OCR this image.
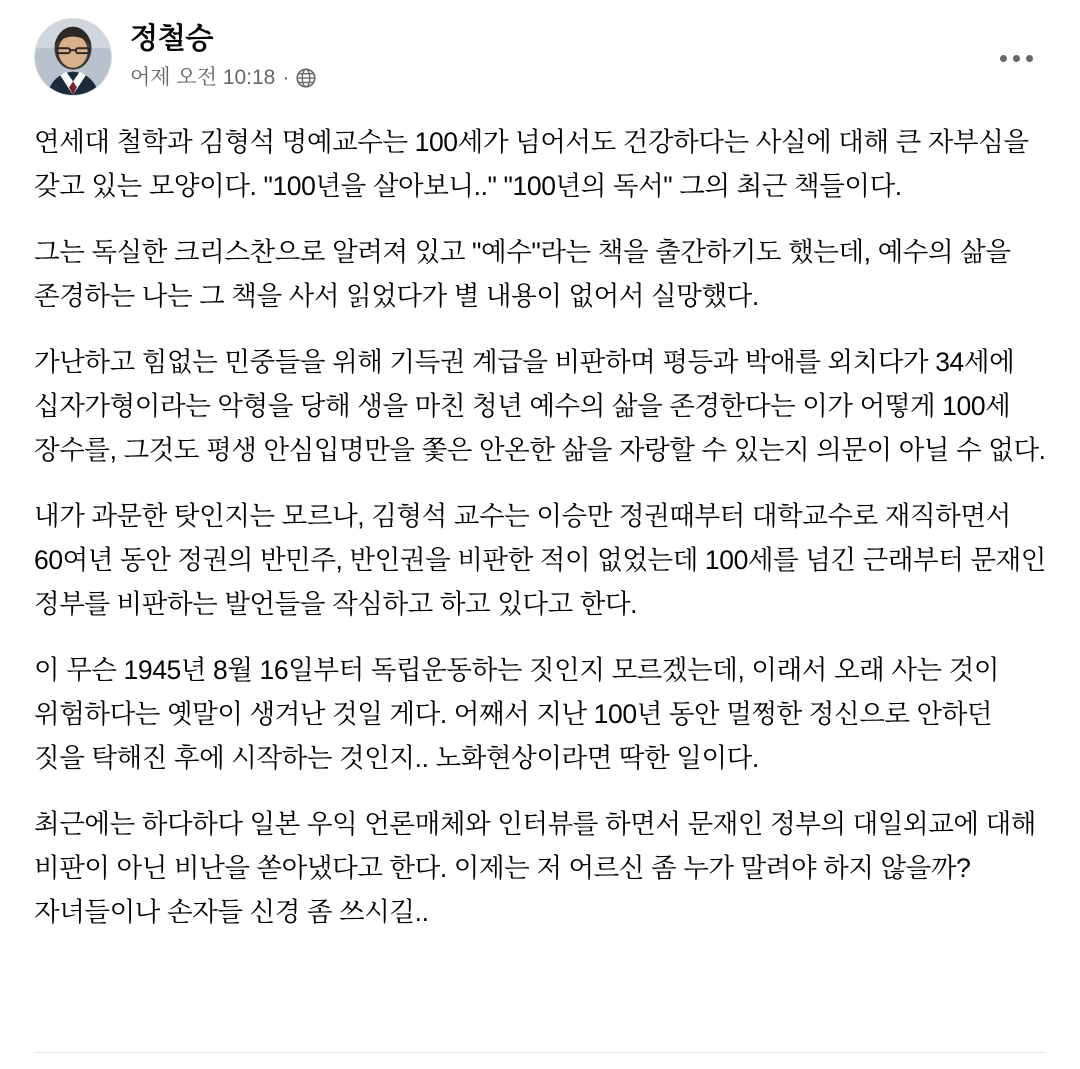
정철승
어제 오전 10:18 ·

연세대 철학과 김형석 명예교수는 100세가 넘어서도 건강하다는 사실에 대해 큰 자부심을 갖고 있는 모양이다. "100년을 살아보니.." "100년의 독서" 그의 최근 책들이다.

그는 독실한 크리스찬으로 알려져 있고 "예수"라는 책을 출간하기도 했는데, 예수의 삶을 존경하는 나는 그 책을 사서 읽었다가 별 내용이 없어서 실망했다.

가난하고 힘없는 민중들을 위해 기득권 계급을 비판하며 평등과 박애를 외치다가 34세에 십자가형이라는 악형을 당해 생을 마친 청년 예수의 삶을 존경한다는 이가 어떻게 100세 장수를, 그것도 평생 안심입명만을 쫓은 안온한 삶을 자랑할 수 있는지 의문이 아닐 수 없다.

내가 과문한 탓인지는 모르나, 김형석 교수는 이승만 정권때부터 대학교수로 재직하면서 60여년 동안 정권의 반민주, 반인권을 비판한 적이 없었는데 100세를 넘긴 근래부터 문재인 정부를 비판하는 발언들을 작심하고 하고 있다고 한다.

이 무슨 1945년 8월 16일부터 독립운동하는 짓인지 모르겠는데, 이래서 오래 사는 것이 위험하다는 옛말이 생겨난 것일 게다. 어째서 지난 100년 동안 멀쩡한 정신으로 안하던 짓을 탁해진 후에 시작하는 것인지.. 노화현상이라면 딱한 일이다.

최근에는 하다하다 일본 우익 언론매체와 인터뷰를 하면서 문재인 정부의 대일외교에 대해 비판이 아닌 비난을 쏟아냈다고 한다. 이제는 저 어르신 좀 누가 말려야 하지 않을까? 자녀들이나 손자들 신경 좀 쓰시길..
